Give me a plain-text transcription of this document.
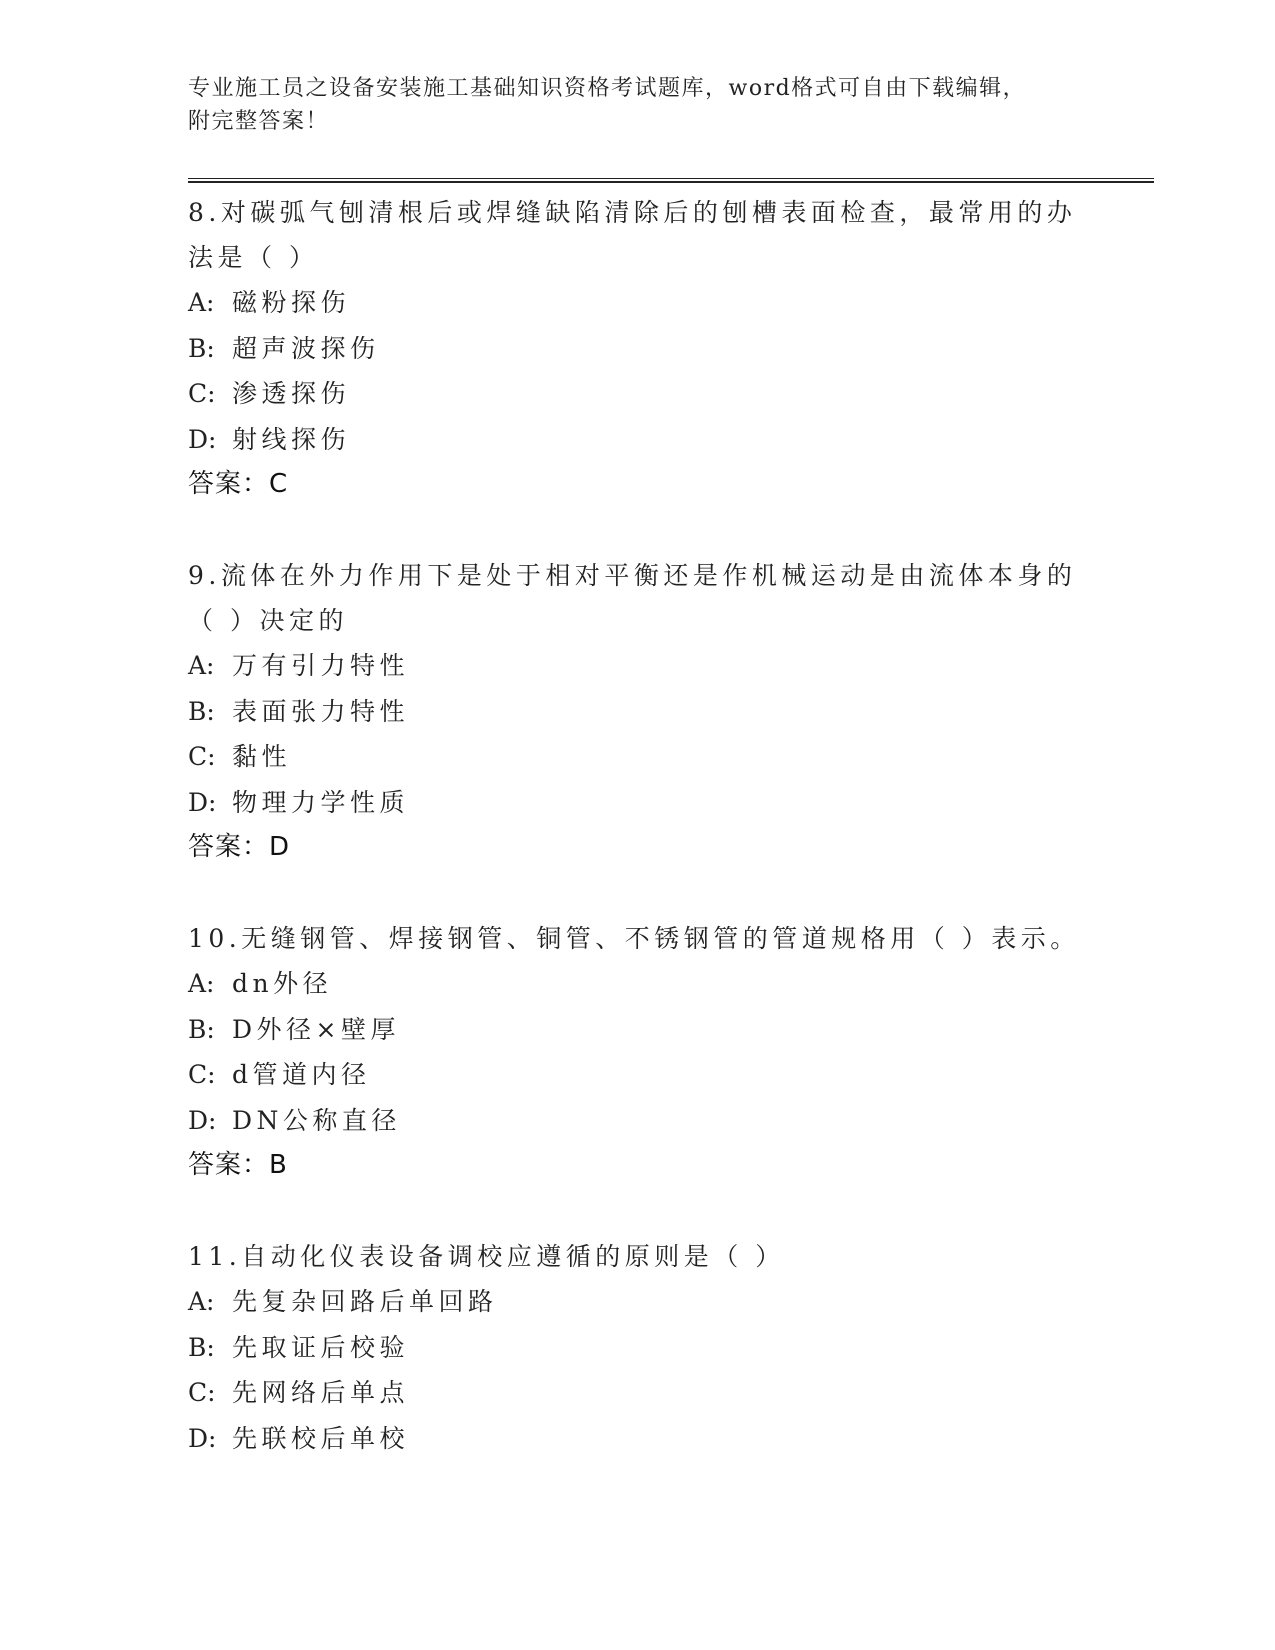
专业施工员之设备安装施工基础知识资格考试题库，word格式可自由下载编辑，
附完整答案！
8.对碳弧气刨清根后或焊缝缺陷清除后的刨槽表面检查，最常用的办
法是（ ）
A: 磁粉探伤
B: 超声波探伤
C: 渗透探伤
D: 射线探伤
答案：C
9.流体在外力作用下是处于相对平衡还是作机械运动是由流体本身的
（ ）决定的
A: 万有引力特性
B: 表面张力特性
C: 黏性
D: 物理力学性质
答案：D
10.无缝钢管、焊接钢管、铜管、不锈钢管的管道规格用（ ）表示。
A: dn外径
B: D外径×壁厚
C: d管道内径
D: DN公称直径
答案：B
11.自动化仪表设备调校应遵循的原则是（ ）
A: 先复杂回路后单回路
B: 先取证后校验
C: 先网络后单点
D: 先联校后单校
